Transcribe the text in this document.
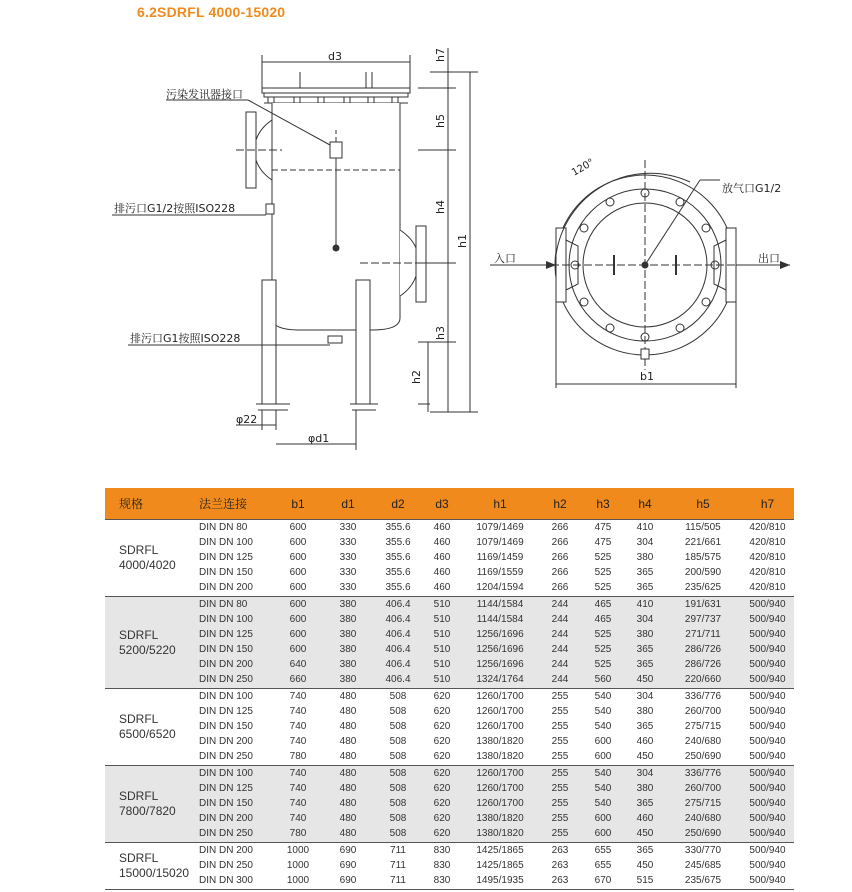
6.2SDRFL 4000-15020
d3	h7
h5
h4
h1
h3
h2
φ22
φd1
污染发讯器接口
排污口G1/2按照ISO228
排污口G1按照ISO228
入口	出口
120°
放气口G1/2
b1
规格	法兰连接	b1	d1	d2	d3	h1	h2	h3	h4	h5	h7
SDRFL 4000/4020	DIN DN 80	600	330	355.6	460	1079/1469	266	475	410	115/505	420/810
	DIN DN 100	600	330	355.6	460	1079/1469	266	475	304	221/661	420/810
	DIN DN 125	600	330	355.6	460	1169/1459	266	525	380	185/575	420/810
	DIN DN 150	600	330	355.6	460	1169/1559	266	525	365	200/590	420/810
	DIN DN 200	600	330	355.6	460	1204/1594	266	525	365	235/625	420/810
SDRFL 5200/5220	DIN DN 80	600	380	406.4	510	1144/1584	244	465	410	191/631	500/940
	DIN DN 100	600	380	406.4	510	1144/1584	244	465	304	297/737	500/940
	DIN DN 125	600	380	406.4	510	1256/1696	244	525	380	271/711	500/940
	DIN DN 150	600	380	406.4	510	1256/1696	244	525	365	286/726	500/940
	DIN DN 200	640	380	406.4	510	1256/1696	244	525	365	286/726	500/940
	DIN DN 250	660	380	406.4	510	1324/1764	244	560	450	220/660	500/940
SDRFL 6500/6520	DIN DN 100	740	480	508	620	1260/1700	255	540	304	336/776	500/940
	DIN DN 125	740	480	508	620	1260/1700	255	540	380	260/700	500/940
	DIN DN 150	740	480	508	620	1260/1700	255	540	365	275/715	500/940
	DIN DN 200	740	480	508	620	1380/1820	255	600	460	240/680	500/940
	DIN DN 250	780	480	508	620	1380/1820	255	600	450	250/690	500/940
SDRFL 7800/7820	DIN DN 100	740	480	508	620	1260/1700	255	540	304	336/776	500/940
	DIN DN 125	740	480	508	620	1260/1700	255	540	380	260/700	500/940
	DIN DN 150	740	480	508	620	1260/1700	255	540	365	275/715	500/940
	DIN DN 200	740	480	508	620	1380/1820	255	600	460	240/680	500/940
	DIN DN 250	780	480	508	620	1380/1820	255	600	450	250/690	500/940
SDRFL 15000/15020	DIN DN 200	1000	690	711	830	1425/1865	263	655	365	330/770	500/940
	DIN DN 250	1000	690	711	830	1425/1865	263	655	450	245/685	500/940
	DIN DN 300	1000	690	711	830	1495/1935	263	670	515	235/675	500/940
